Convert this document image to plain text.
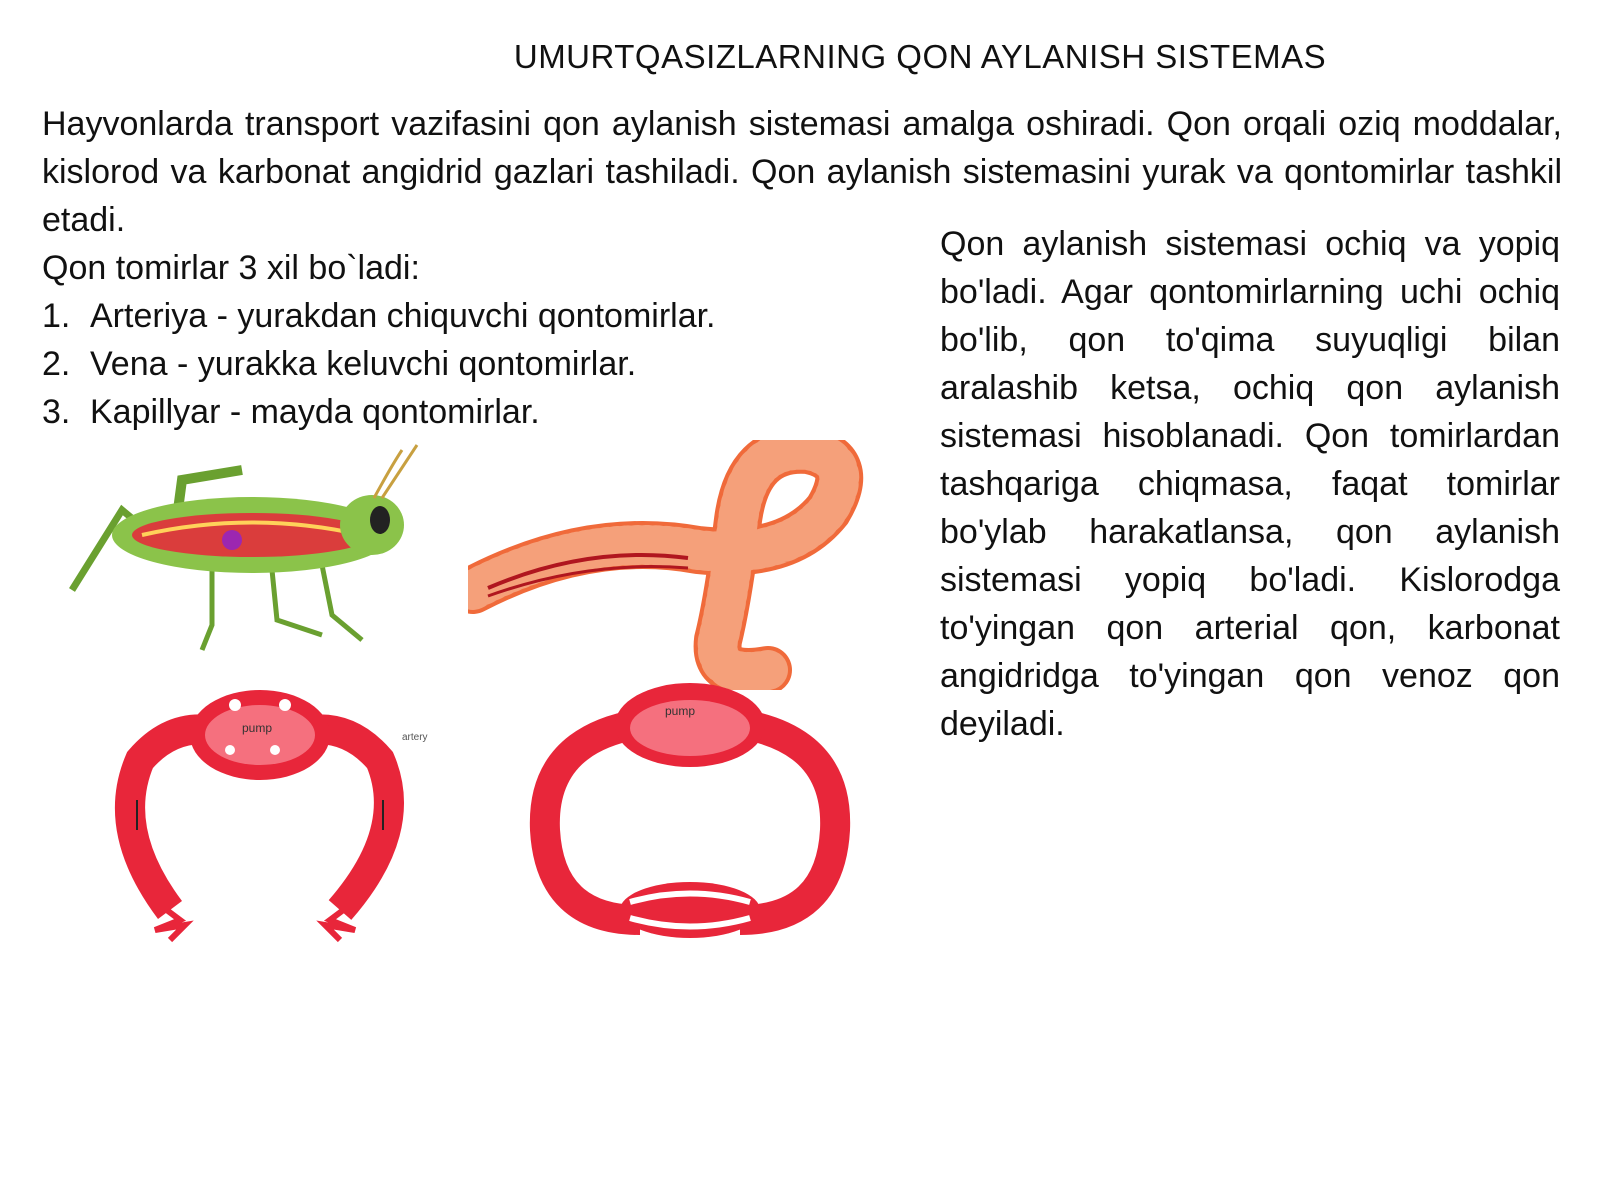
UMURTQASIZLARNING QON AYLANISH SISTEMAS

Hayvonlarda transport vazifasini qon aylanish sistemasi amalga oshiradi. Qon orqali oziq moddalar, kislorod va karbonat angidrid gazlari tashiladi. Qon aylanish sistemasini yurak va qontomirlar tashkil etadi.

Qon tomirlar 3 xil bo`ladi:
1. Arteriya - yurakdan chiquvchi qontomirlar.
2. Vena - yurakka keluvchi qontomirlar.
3. Kapillyar - mayda qontomirlar.

Qon aylanish sistemasi ochiq va yopiq bo'ladi. Agar qontomirlarning uchi ochiq bo'lib, qon to'qima suyuqligi bilan aralashib ketsa, ochiq qon aylanish sistemasi hisoblanadi. Qon tomirlardan tashqariga chiqmasa, faqat tomirlar bo'ylab harakatlansa, qon aylanish sistemasi yopiq bo'ladi. Kislorodga to'yingan qon arterial qon, karbonat angidridga to'yingan qon venoz qon deyiladi.

pump
artery
pump
